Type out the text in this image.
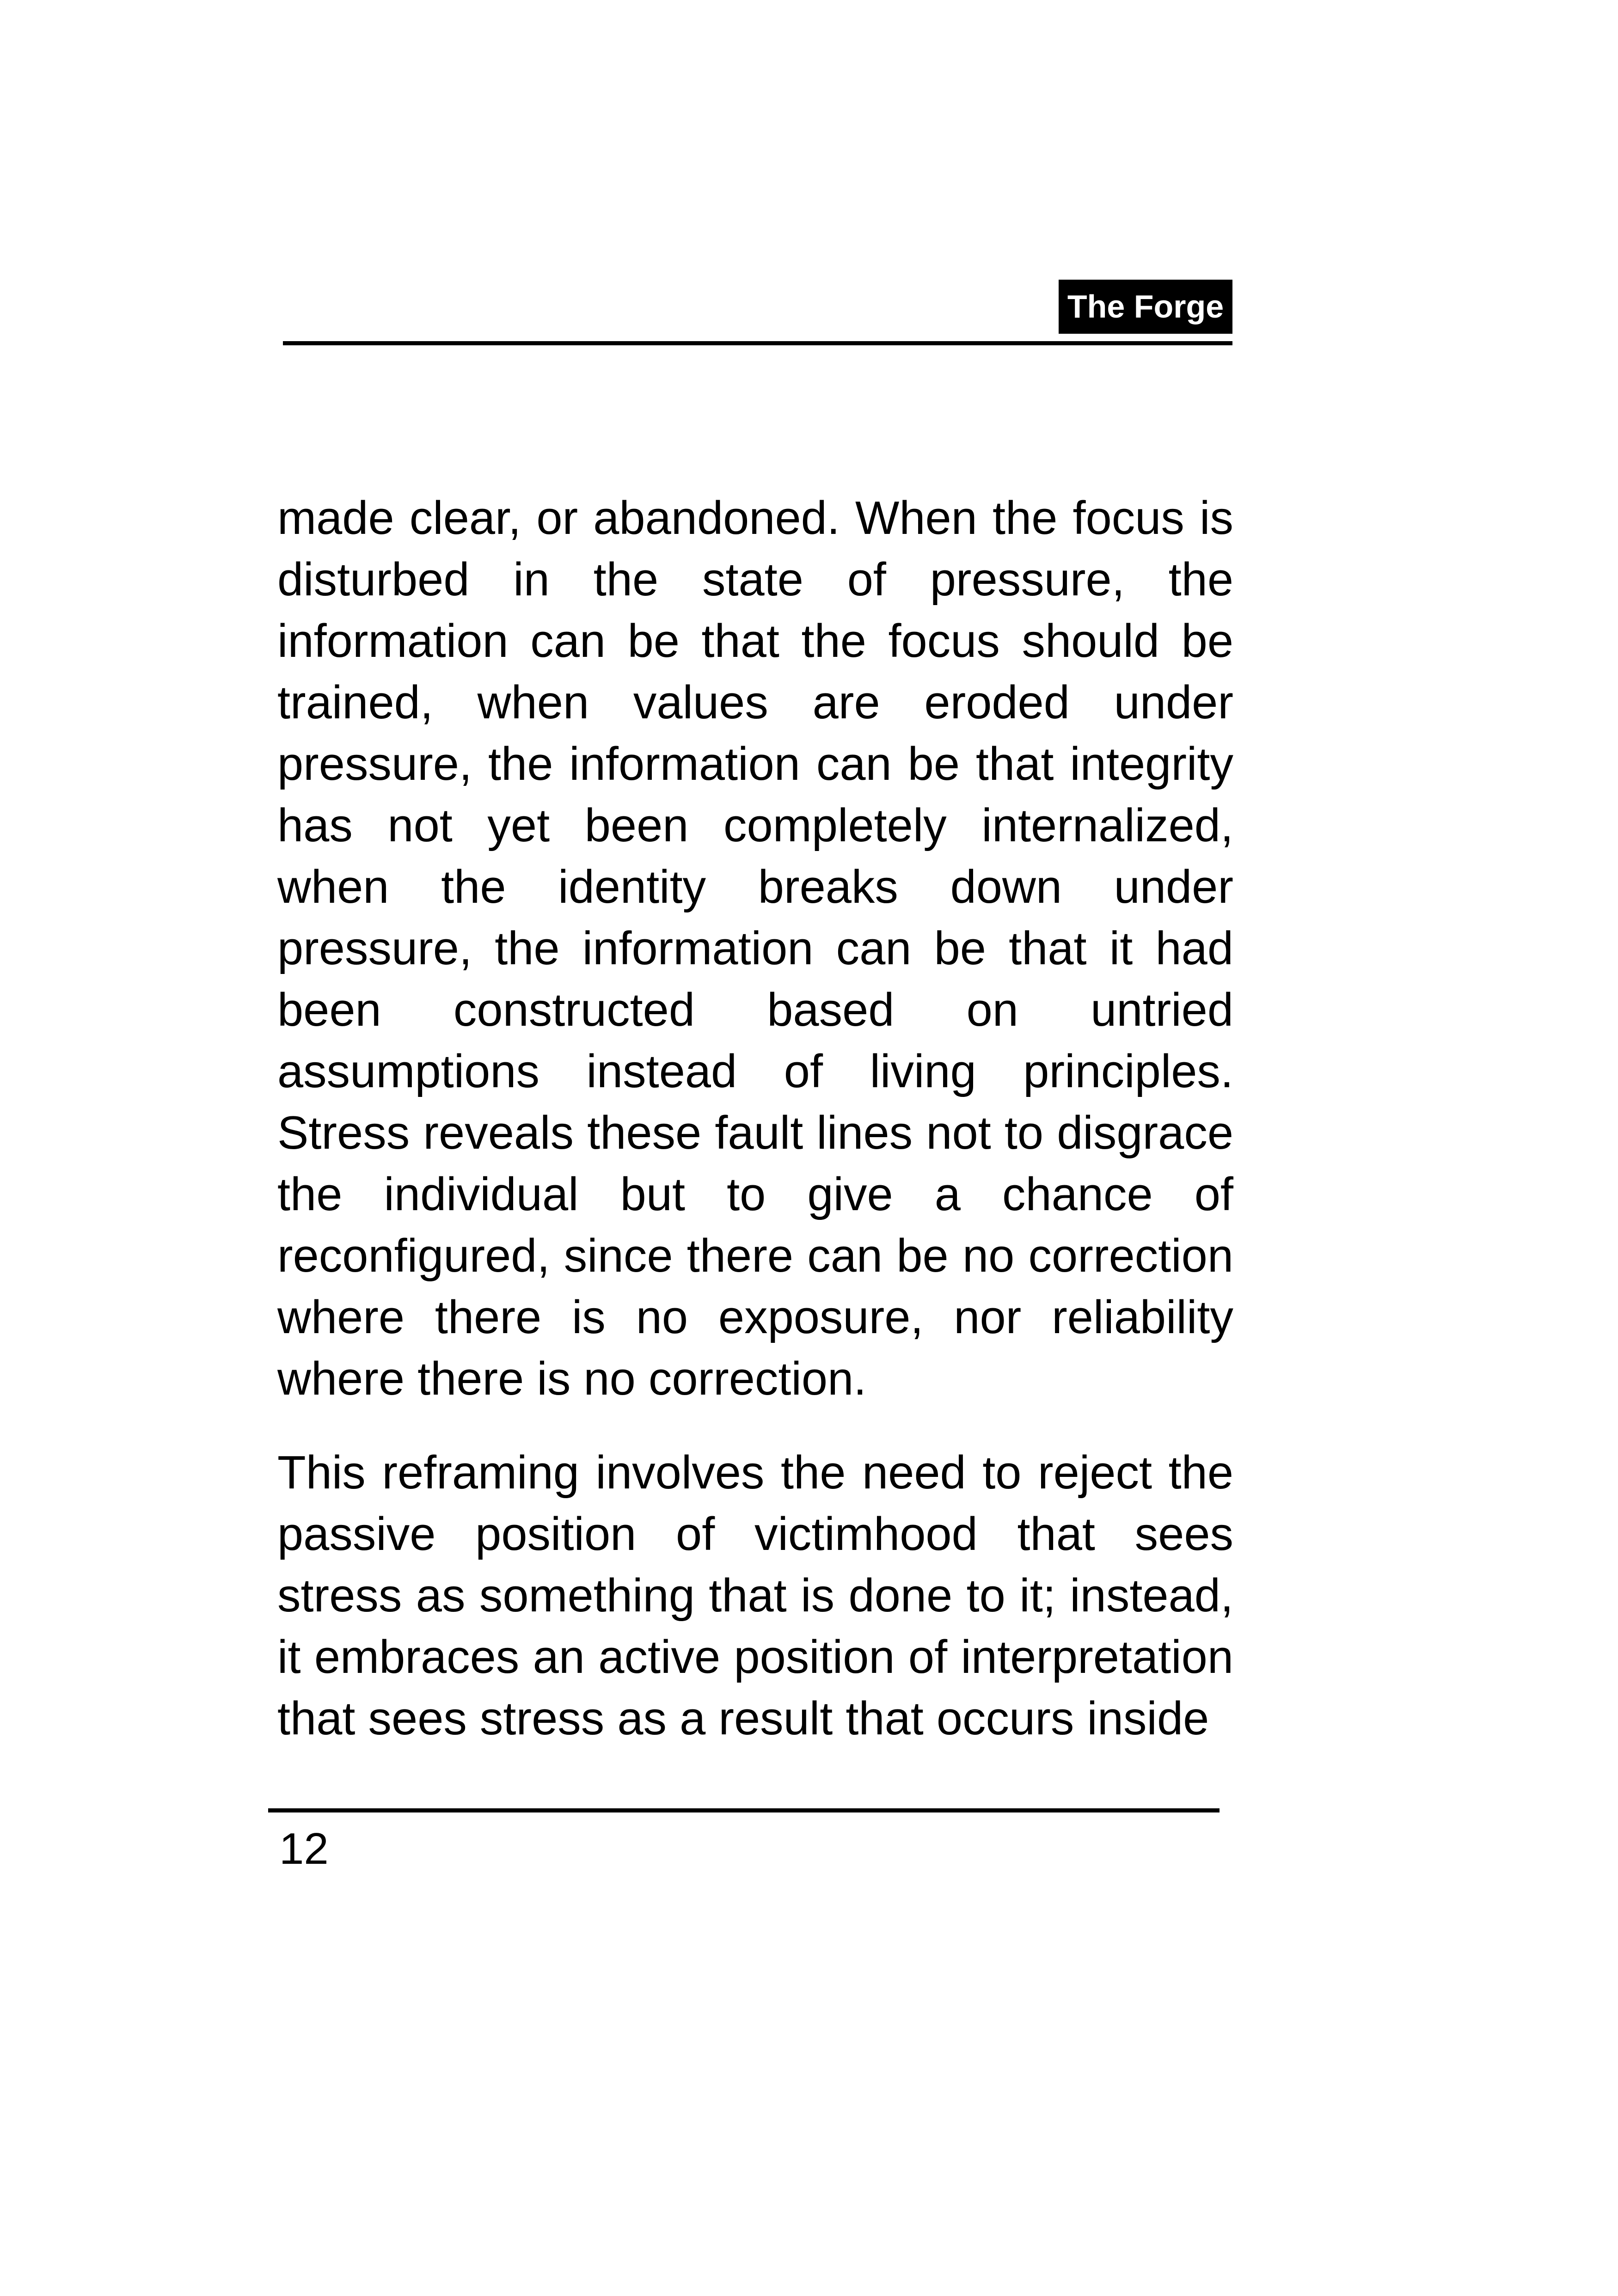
The Forge

made clear, or abandoned. When the focus is disturbed in the state of pressure, the information can be that the focus should be trained, when values are eroded under pressure, the information can be that integrity has not yet been completely internalized, when the identity breaks down under pressure, the information can be that it had been constructed based on untried assumptions instead of living principles. Stress reveals these fault lines not to disgrace the individual but to give a chance of reconfigured, since there can be no correction where there is no exposure, nor reliability where there is no correction.

This reframing involves the need to reject the passive position of victimhood that sees stress as something that is done to it; instead, it embraces an active position of interpretation that sees stress as a result that occurs inside

12
